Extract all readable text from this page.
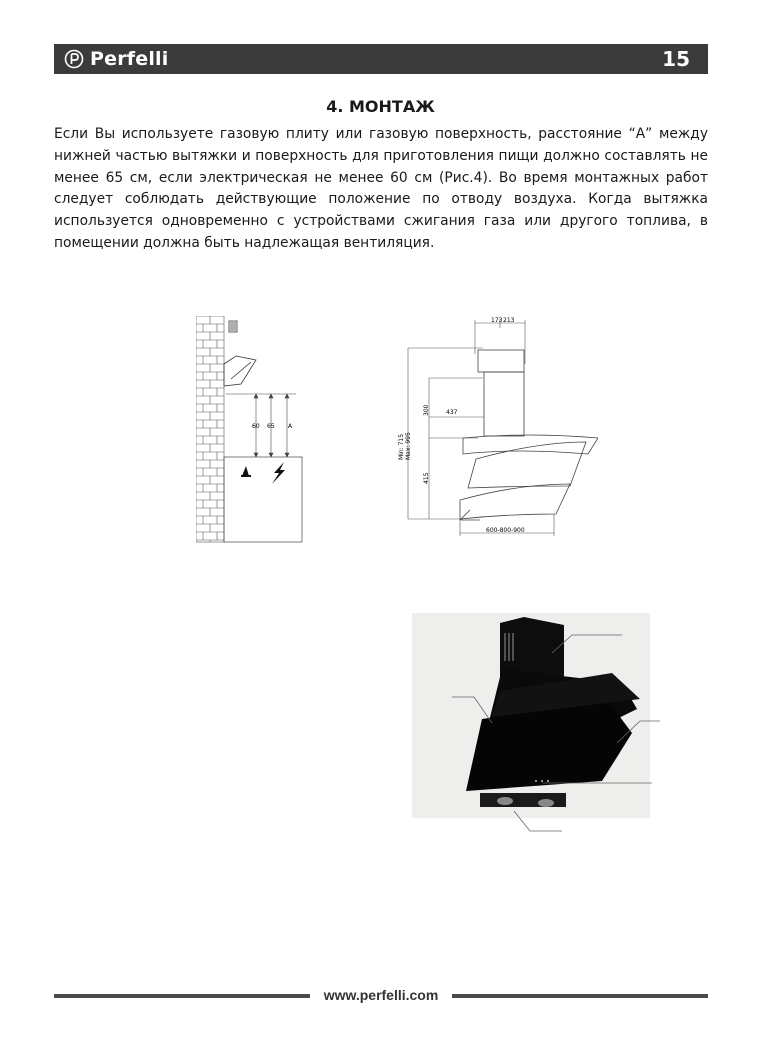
Perfelli	15
4. МОНТАЖ

Если Вы используете газовую плиту или газовую поверхность, расстояние “А” между нижней частью вытяжки и поверхность для приготовления пищи должно составлять не менее 65 см, если электрическая не менее 60 см (Рис.4). Во время монтажных работ следует соблюдать действующие положение по отводу воздуха. Когда вытяжка используется одновременно с устройствами сжигания газа или другого топлива, в помещении должна быть надлежащая вентиляция.

60 65 A
173 213
300	437
Min: 715 Max: 995
415
600-800-900
www.perfelli.com
